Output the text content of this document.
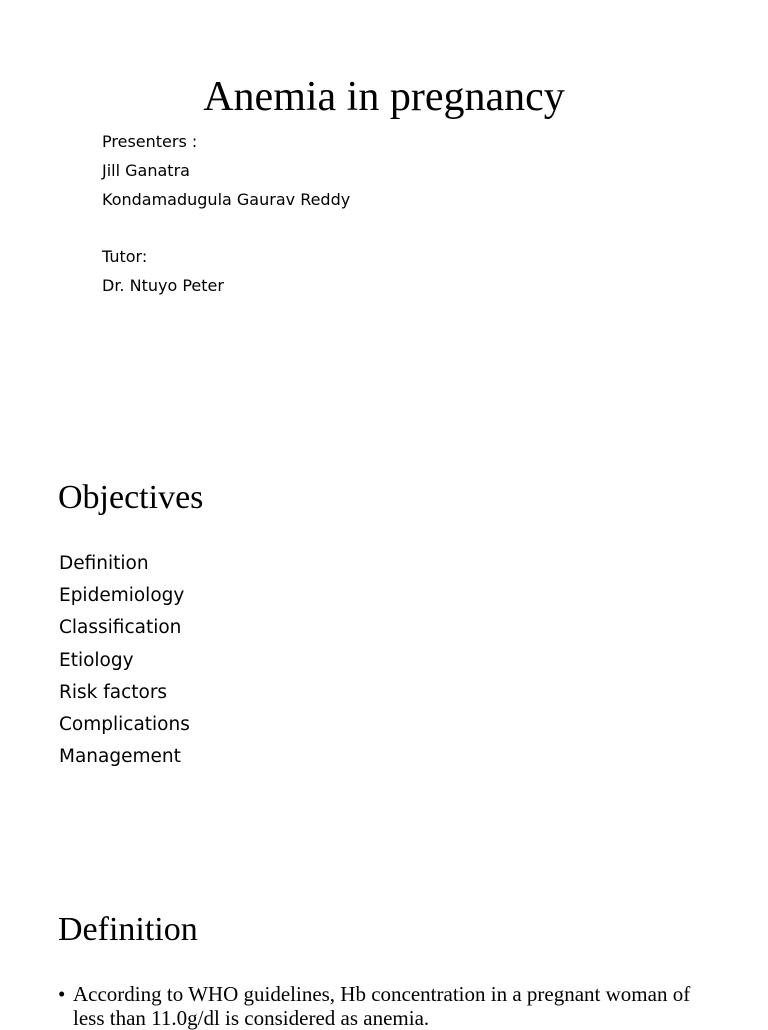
Anemia in pregnancy
Presenters :
Jill Ganatra
Kondamadugula Gaurav Reddy
Tutor:
Dr. Ntuyo Peter
Objectives
Definition
Epidemiology
Classification
Etiology
Risk factors
Complications
Management
Definition
• According to WHO guidelines, Hb concentration in a pregnant woman of less than 11.0g/dl is considered as anemia.
